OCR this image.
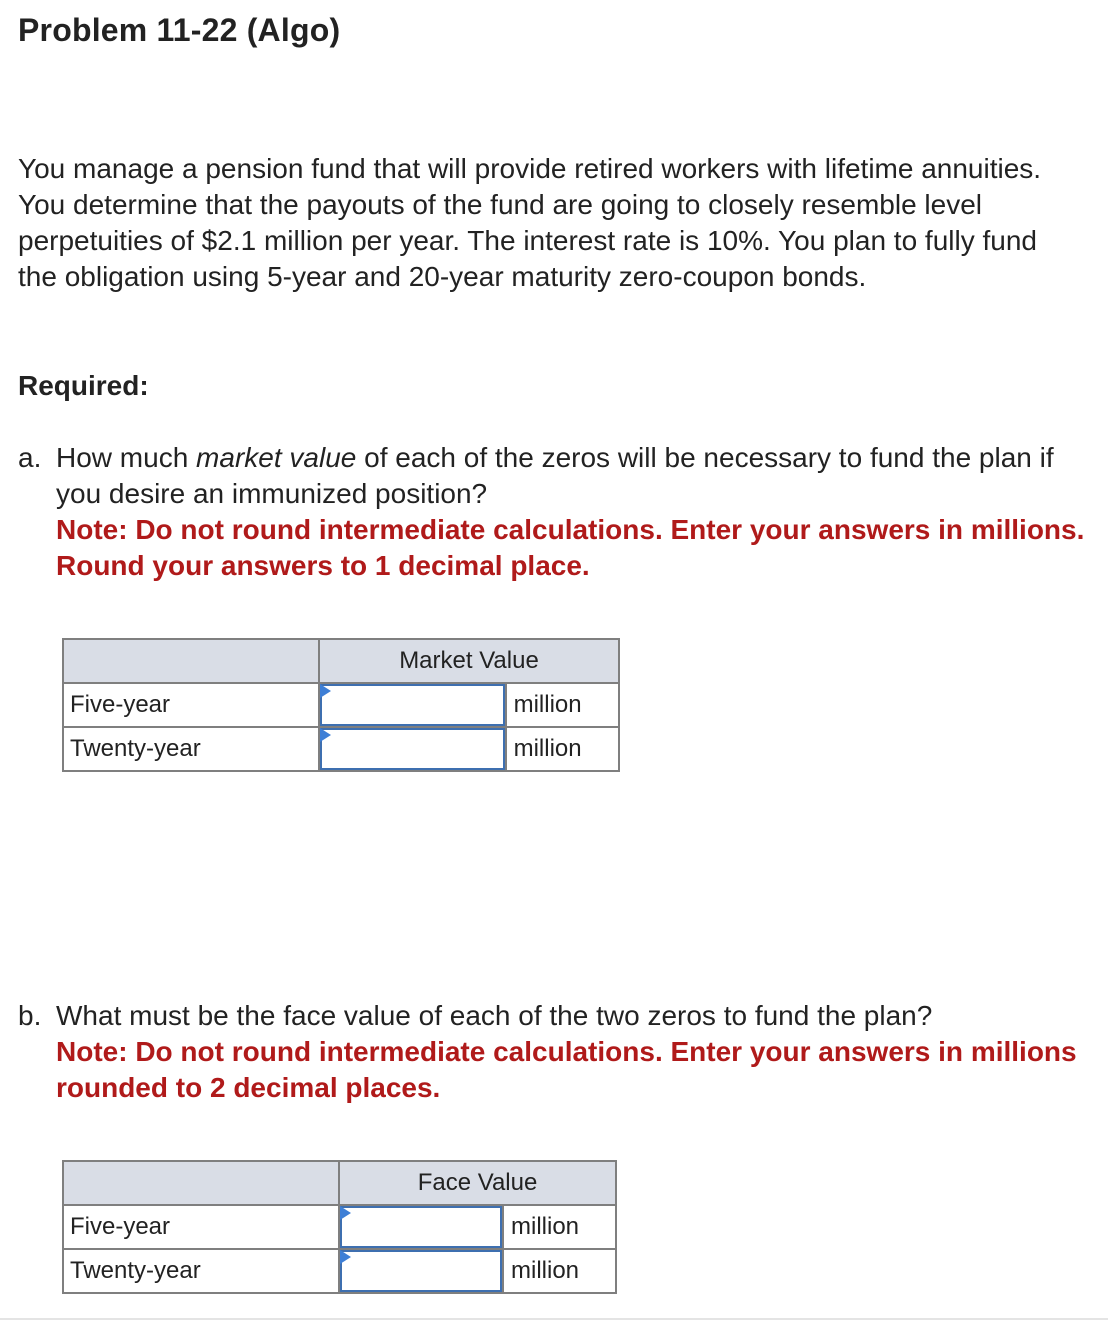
Problem 11-22 (Algo)

You manage a pension fund that will provide retired workers with lifetime annuities. You determine that the payouts of the fund are going to closely resemble level perpetuities of $2.1 million per year. The interest rate is 10%. You plan to fully fund the obligation using 5-year and 20-year maturity zero-coupon bonds.

Required:
a. How much market value of each of the zeros will be necessary to fund the plan if you desire an immunized position?
Note: Do not round intermediate calculations. Enter your answers in millions. Round your answers to 1 decimal place.
	Market Value	
Five-year		million
Twenty-year		million
b. What must be the face value of each of the two zeros to fund the plan?
Note: Do not round intermediate calculations. Enter your answers in millions rounded to 2 decimal places.
	Face Value	
Five-year		million
Twenty-year		million
